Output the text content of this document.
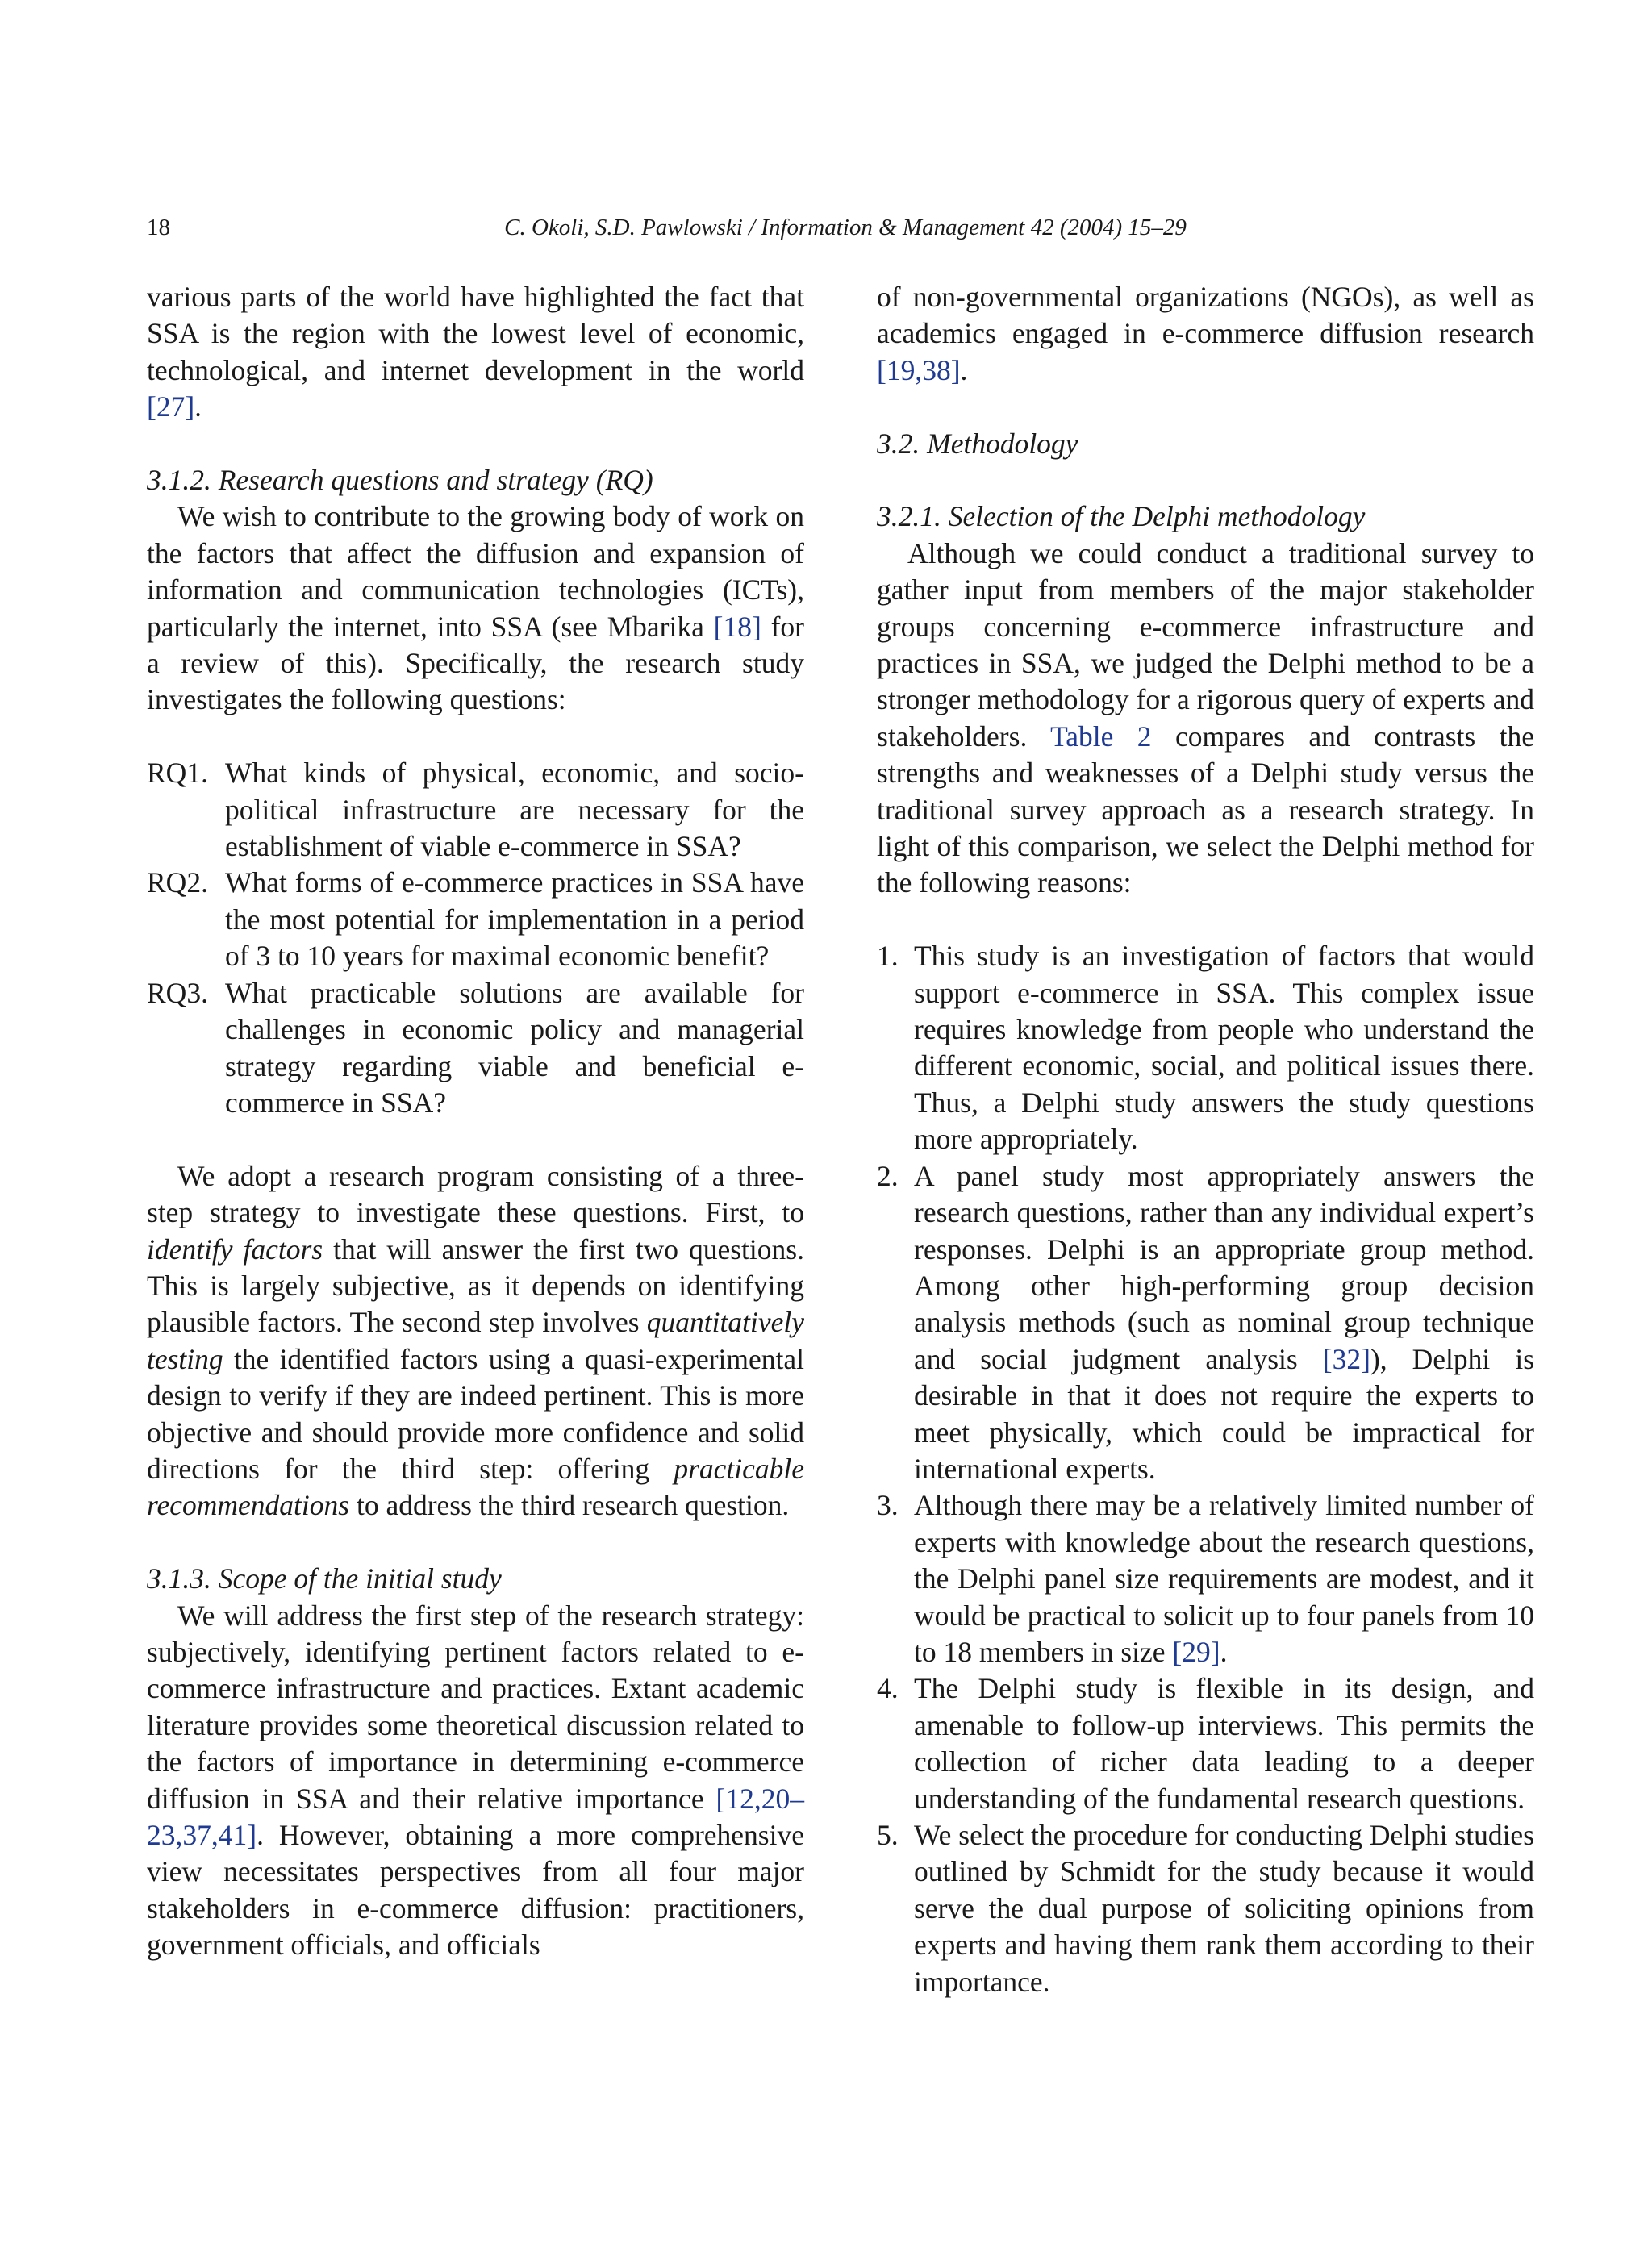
18	C. Okoli, S.D. Pawlowski / Information & Management 42 (2004) 15–29

various parts of the world have highlighted the fact that SSA is the region with the lowest level of economic, technological, and internet development in the world [27].

3.1.2. Research questions and strategy (RQ)

We wish to contribute to the growing body of work on the factors that affect the diffusion and expansion of information and communication technologies (ICTs), particularly the internet, into SSA (see Mbarika [18] for a review of this). Specifically, the research study investigates the following questions:

RQ1. What kinds of physical, economic, and socio-political infrastructure are necessary for the establishment of viable e-commerce in SSA?
RQ2. What forms of e-commerce practices in SSA have the most potential for implementation in a period of 3 to 10 years for maximal economic benefit?
RQ3. What practicable solutions are available for challenges in economic policy and managerial strategy regarding viable and beneficial e-commerce in SSA?

We adopt a research program consisting of a three-step strategy to investigate these questions. First, to identify factors that will answer the first two questions. This is largely subjective, as it depends on identifying plausible factors. The second step involves quantitatively testing the identified factors using a quasi-experimental design to verify if they are indeed pertinent. This is more objective and should provide more confidence and solid directions for the third step: offering practicable recommendations to address the third research question.

3.1.3. Scope of the initial study

We will address the first step of the research strategy: subjectively, identifying pertinent factors related to e-commerce infrastructure and practices. Extant academic literature provides some theoretical discussion related to the factors of importance in determining e-commerce diffusion in SSA and their relative importance [12,20–23,37,41]. However, obtaining a more comprehensive view necessitates perspectives from all four major stakeholders in e-commerce diffusion: practitioners, government officials, and officials

of non-governmental organizations (NGOs), as well as academics engaged in e-commerce diffusion research [19,38].

3.2. Methodology

3.2.1. Selection of the Delphi methodology

Although we could conduct a traditional survey to gather input from members of the major stakeholder groups concerning e-commerce infrastructure and practices in SSA, we judged the Delphi method to be a stronger methodology for a rigorous query of experts and stakeholders. Table 2 compares and contrasts the strengths and weaknesses of a Delphi study versus the traditional survey approach as a research strategy. In light of this comparison, we select the Delphi method for the following reasons:

1. This study is an investigation of factors that would support e-commerce in SSA. This complex issue requires knowledge from people who understand the different economic, social, and political issues there. Thus, a Delphi study answers the study questions more appropriately.
2. A panel study most appropriately answers the research questions, rather than any individual expert’s responses. Delphi is an appropriate group method. Among other high-performing group decision analysis methods (such as nominal group technique and social judgment analysis [32]), Delphi is desirable in that it does not require the experts to meet physically, which could be impractical for international experts.
3. Although there may be a relatively limited number of experts with knowledge about the research questions, the Delphi panel size requirements are modest, and it would be practical to solicit up to four panels from 10 to 18 members in size [29].
4. The Delphi study is flexible in its design, and amenable to follow-up interviews. This permits the collection of richer data leading to a deeper understanding of the fundamental research questions.
5. We select the procedure for conducting Delphi studies outlined by Schmidt for the study because it would serve the dual purpose of soliciting opinions from experts and having them rank them according to their importance.
